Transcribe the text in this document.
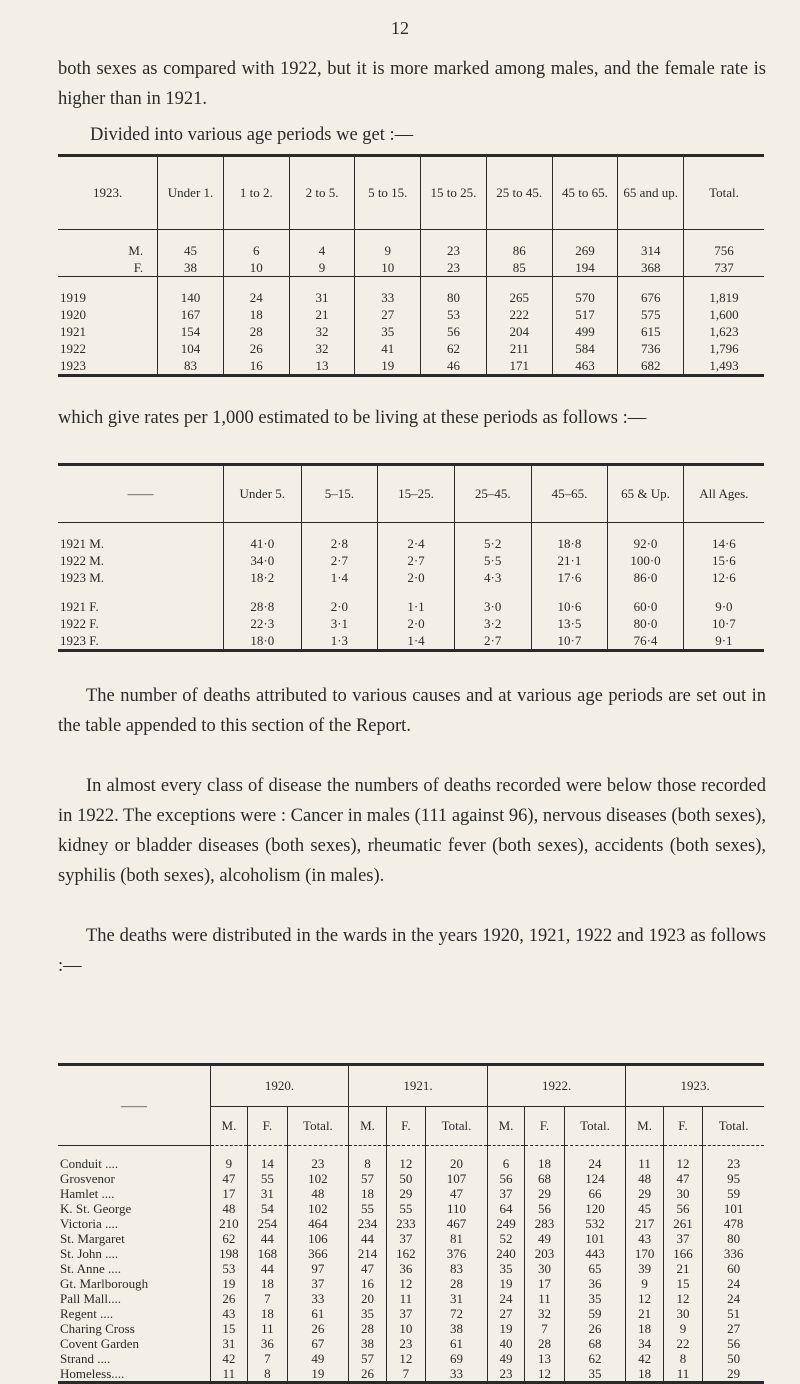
12

both sexes as compared with 1922, but it is more marked among males, and the female rate is higher than in 1921.

Divided into various age periods we get :—
1923.	Under 1.	1 to 2.	2 to 5.	5 to 15.	15 to 25.	25 to 45.	45 to 65.	65 and up.	Total.

M.	45	6	4	9	23	86	269	314	756
F.	38	10	9	10	23	85	194	368	737

1919	140	24	31	33	80	265	570	676	1,819
1920	167	18	21	27	53	222	517	575	1,600
1921	154	28	32	35	56	204	499	615	1,623
1922	104	26	32	41	62	211	584	736	1,796
1923	83	16	13	19	46	171	463	682	1,493

which give rates per 1,000 estimated to be living at these periods as follows :—

——	Under 5.	5–15.	15–25.	25–45.	45–65.	65 & Up.	All Ages.

1921 M.	41·0	2·8	2·4	5·2	18·8	92·0	14·6
1922 M.	34·0	2·7	2·7	5·5	21·1	100·0	15·6
1923 M.	18·2	1·4	2·0	4·3	17·6	86·0	12·6

1921 F.	28·8	2·0	1·1	3·0	10·6	60·0	9·0
1922 F.	22·3	3·1	2·0	3·2	13·5	80·0	10·7
1923 F.	18·0	1·3	1·4	2·7	10·7	76·4	9·1

The number of deaths attributed to various causes and at various age periods are set out in the table appended to this section of the Report.

In almost every class of disease the numbers of deaths recorded were below those recorded in 1922. The exceptions were : Cancer in males (111 against 96), nervous diseases (both sexes), kidney or bladder diseases (both sexes), rheumatic fever (both sexes), accidents (both sexes), syphilis (both sexes), alcoholism (in males).

The deaths were distributed in the wards in the years 1920, 1921, 1922 and 1923 as follows :—

——	1920.			1921.			1922.			1923.		
	M.	F.	Total.	M.	F.	Total.	M.	F.	Total.	M.	F.	Total.

Conduit ....	9	14	23	8	12	20	6	18	24	11	12	23
Grosvenor	47	55	102	57	50	107	56	68	124	48	47	95
Hamlet ....	17	31	48	18	29	47	37	29	66	29	30	59
K. St. George	48	54	102	55	55	110	64	56	120	45	56	101
Victoria ....	210	254	464	234	233	467	249	283	532	217	261	478
St. Margaret	62	44	106	44	37	81	52	49	101	43	37	80
St. John ....	198	168	366	214	162	376	240	203	443	170	166	336
St. Anne ....	53	44	97	47	36	83	35	30	65	39	21	60
Gt. Marlborough	19	18	37	16	12	28	19	17	36	9	15	24
Pall Mall....	26	7	33	20	11	31	24	11	35	12	12	24
Regent ....	43	18	61	35	37	72	27	32	59	21	30	51
Charing Cross	15	11	26	28	10	38	19	7	26	18	9	27
Covent Garden	31	36	67	38	23	61	40	28	68	34	22	56
Strand ....	42	7	49	57	12	69	49	13	62	42	8	50
Homeless....	11	8	19	26	7	33	23	12	35	18	11	29
